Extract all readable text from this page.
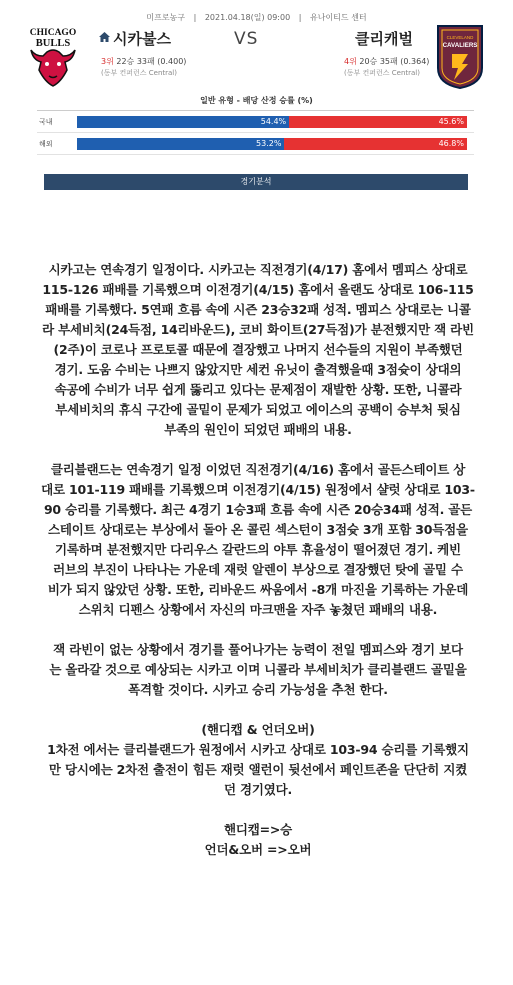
미프로농구 | 2021.04.18(일) 09:00 | 유나이티드 센터
CHICAGO
BULLS	시카불스	VS	클리캐벌
3위 22승 33패 (0.400)
(동부 컨퍼런스 Central)
4위 20승 35패 (0.364)
(동부 컨퍼런스 Central)
CLEVELAND
CAVALIERS
일반 유형 - 배당 산정 승률 (%)
국내	54.4%	45.6%
해외	53.2%	46.8%
경기분석

시카고는 연속경기 일정이다. 시카고는 직전경기(4/17) 홈에서 멤피스 상대로
115-126 패배를 기록했으며 이전경기(4/15) 홈에서 올랜도 상대로 106-115
패배를 기록했다. 5연패 흐름 속에 시즌 23승32패 성적. 멤피스 상대로는 니콜
라 부세비치(24득점, 14리바운드), 코비 화이트(27득점)가 분전했지만 잭 라빈
(2주)이 코로나 프로토콜 때문에 결장했고 나머지 선수들의 지원이 부족했던
경기. 도움 수비는 나쁘지 않았지만 세컨 유닛이 출격했을때 3점슛이 상대의
속공에 수비가 너무 쉽게 뚫리고 있다는 문제점이 재발한 상황. 또한, 니콜라
부세비치의 휴식 구간에 골밑이 문제가 되었고 에이스의 공백이 승부처 뒷심
부족의 원인이 되었던 패배의 내용.

클리블랜드는 연속경기 일정 이었던 직전경기(4/16) 홈에서 골든스테이트 상
대로 101-119 패배를 기록했으며 이전경기(4/15) 원정에서 샬럿 상대로 103-
90 승리를 기록했다. 최근 4경기 1승3패 흐름 속에 시즌 20승34패 성적. 골든
스테이트 상대로는 부상에서 돌아 온 콜린 섹스턴이 3점슛 3개 포함 30득점을
기록하며 분전했지만 다리우스 갈란드의 야투 휴율성이 떨어졌던 경기. 케빈
러브의 부진이 나타나는 가운데 재럿 알렌이 부상으로 결장했던 탓에 골밑 수
비가 되지 않았던 상황. 또한, 리바운드 싸움에서 -8개 마진을 기록하는 가운데
스위치 디펜스 상황에서 자신의 마크맨을 자주 놓쳤던 패배의 내용.

잭 라빈이 없는 상황에서 경기를 풀어나가는 능력이 전일 멤피스와 경기 보다
는 올라갈 것으로 예상되는 시카고 이며 니콜라 부세비치가 클리블랜드 골밑을
폭격할 것이다. 시카고 승리 가능성을 추천 한다.

(핸디캡 & 언더오버)
1차전 에서는 클리블랜드가 원정에서 시카고 상대로 103-94 승리를 기록했지
만 당시에는 2차전 출전이 힘든 재럿 앨런이 뒷선에서 페인트존을 단단히 지켰
던 경기였다.

핸디캡=>승
언더&오버 =>오버
